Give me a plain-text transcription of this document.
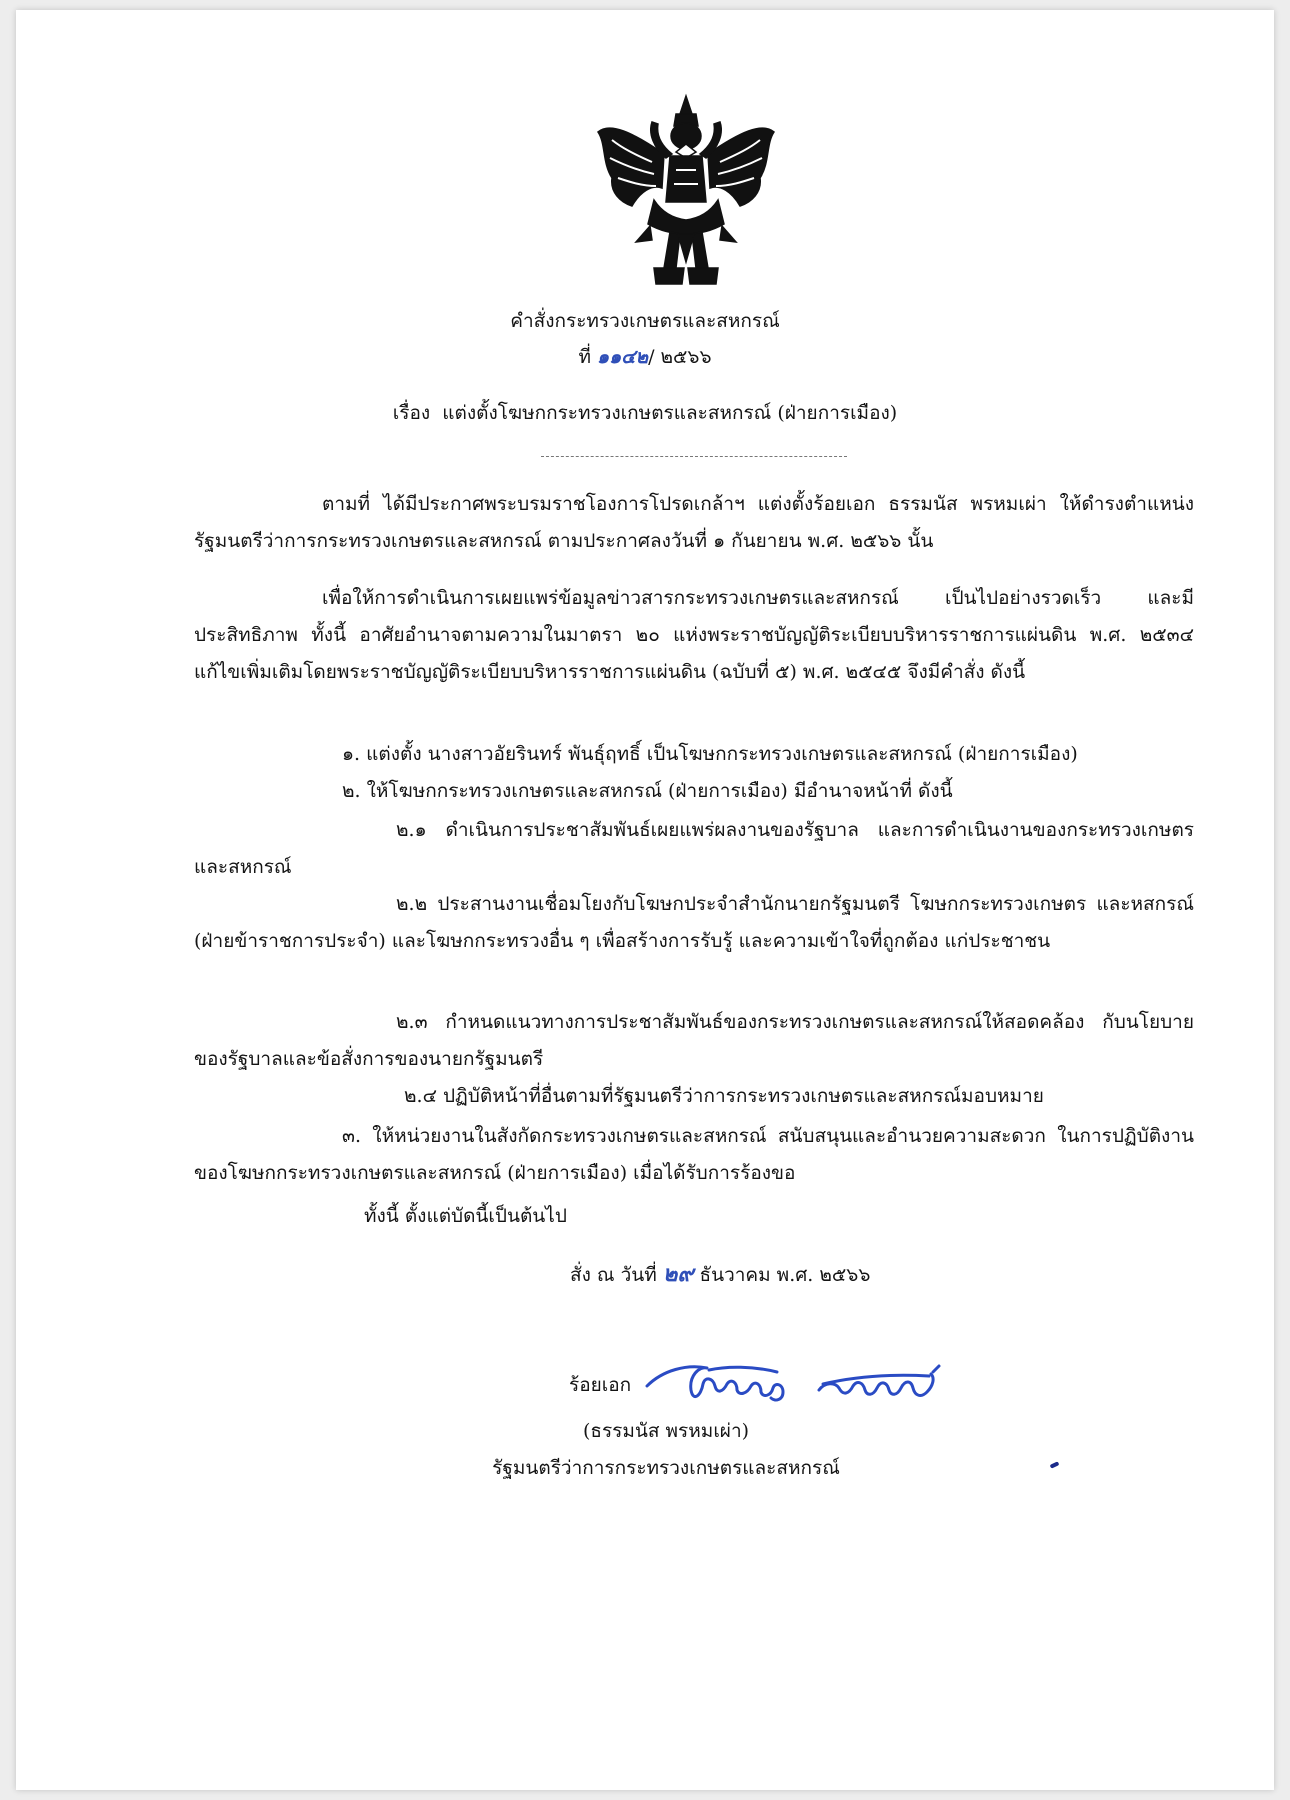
คำสั่งกระทรวงเกษตรและสหกรณ์
ที่ ๑๑๔๒/ ๒๕๖๖
เรื่อง แต่งตั้งโฆษกกระทรวงเกษตรและสหกรณ์ (ฝ่ายการเมือง)
ตามที่ ได้มีประกาศพระบรมราชโองการโปรดเกล้าฯ แต่งตั้งร้อยเอก ธรรมนัส พรหมเผ่า ให้ดำรงตำแหน่งรัฐมนตรีว่าการกระทรวงเกษตรและสหกรณ์ ตามประกาศลงวันที่ ๑ กันยายน พ.ศ. ๒๕๖๖ นั้น
เพื่อให้การดำเนินการเผยแพร่ข้อมูลข่าวสารกระทรวงเกษตรและสหกรณ์ เป็นไปอย่างรวดเร็ว และมีประสิทธิภาพ ทั้งนี้ อาศัยอำนาจตามความในมาตรา ๒๐ แห่งพระราชบัญญัติระเบียบบริหารราชการแผ่นดิน พ.ศ. ๒๕๓๔ แก้ไขเพิ่มเติมโดยพระราชบัญญัติระเบียบบริหารราชการแผ่นดิน (ฉบับที่ ๕) พ.ศ. ๒๕๔๕ จึงมีคำสั่ง ดังนี้
๑. แต่งตั้ง นางสาวอัยรินทร์ พันธุ์ฤทธิ์ เป็นโฆษกกระทรวงเกษตรและสหกรณ์ (ฝ่ายการเมือง)
๒. ให้โฆษกกระทรวงเกษตรและสหกรณ์ (ฝ่ายการเมือง) มีอำนาจหน้าที่ ดังนี้
๒.๑ ดำเนินการประชาสัมพันธ์เผยแพร่ผลงานของรัฐบาล และการดำเนินงานของกระทรวงเกษตรและสหกรณ์
๒.๒ ประสานงานเชื่อมโยงกับโฆษกประจำสำนักนายกรัฐมนตรี โฆษกกระทรวงเกษตร และหสกรณ์ (ฝ่ายข้าราชการประจำ) และโฆษกกระทรวงอื่น ๆ เพื่อสร้างการรับรู้ และความเข้าใจที่ถูกต้อง แก่ประชาชน
๒.๓ กำหนดแนวทางการประชาสัมพันธ์ของกระทรวงเกษตรและสหกรณ์ให้สอดคล้อง กับนโยบายของรัฐบาลและข้อสั่งการของนายกรัฐมนตรี
๒.๔ ปฏิบัติหน้าที่อื่นตามที่รัฐมนตรีว่าการกระทรวงเกษตรและสหกรณ์มอบหมาย
๓. ให้หน่วยงานในสังกัดกระทรวงเกษตรและสหกรณ์ สนับสนุนและอำนวยความสะดวก ในการปฏิบัติงานของโฆษกกระทรวงเกษตรและสหกรณ์ (ฝ่ายการเมือง) เมื่อได้รับการร้องขอ
ทั้งนี้ ตั้งแต่บัดนี้เป็นต้นไป
สั่ง ณ วันที่ ๒๙ ธันวาคม พ.ศ. ๒๕๖๖
ร้อยเอก
(ธรรมนัส พรหมเผ่า)
รัฐมนตรีว่าการกระทรวงเกษตรและสหกรณ์
